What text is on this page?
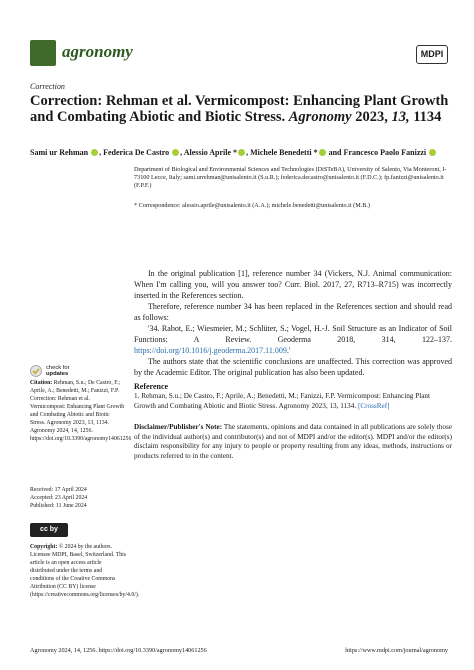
agronomy	MDPI
Correction
Correction: Rehman et al. Vermicompost: Enhancing Plant Growth and Combating Abiotic and Biotic Stress. Agronomy 2023, 13, 1134
Sami ur Rehman , Federica De Castro , Alessio Aprile * , Michele Benedetti * and Francesco Paolo Fanizzi
Department of Biological and Environmental Sciences and Technologies (DiSTeBA), University of Salento, Via Monteroni, I-73100 Lecce, Italy; sami.urrehman@unisalento.it (S.u.R.); federica.decastro@unisalento.it (F.D.C.); fp.fanizzi@unisalento.it (F.P.F.)
* Correspondence: alessio.aprile@unisalento.it (A.A.); michele.benedetti@unisalento.it (M.B.)

In the original publication [1], reference number 34 (Vickers, N.J. Animal communication: When I'm calling you, will you answer too? Curr. Biol. 2017, 27, R713–R715) was incorrectly inserted in the References section.

Therefore, reference number 34 has been replaced in the References section and should read as follows:

'34. Rabot, E.; Wiesmeier, M.; Schlüter, S.; Vogel, H.-J. Soil Structure as an Indicator of Soil Functions: A Review. Geoderma 2018, 314, 122–137. https://doi.org/10.1016/j.geoderma.2017.11.009.'

The authors state that the scientific conclusions are unaffected. This correction was approved by the Academic Editor. The original publication has also been updated.

Reference
1. Rehman, S.u.; De Castro, F.; Aprile, A.; Benedetti, M.; Fanizzi, F.P. Vermicompost: Enhancing Plant Growth and Combating Abiotic and Biotic Stress. Agronomy 2023, 13, 1134. [CrossRef]
Disclaimer/Publisher's Note: The statements, opinions and data contained in all publications are solely those of the individual author(s) and contributor(s) and not of MDPI and/or the editor(s). MDPI and/or the editor(s) disclaim responsibility for any injury to people or property resulting from any ideas, methods, instructions or products referred to in the content.
check for
updates
Citation: Rehman, S.u.; De Castro, F.; Aprile, A.; Benedetti, M.; Fanizzi, F.P. Correction: Rehman et al. Vermicompost: Enhancing Plant Growth and Combating Abiotic and Biotic Stress. Agronomy 2023, 13, 1134. Agronomy 2024, 14, 1256. https://doi.org/10.3390/agronomy14061256
Received: 17 April 2024
Accepted: 23 April 2024
Published: 11 June 2024
cc by
Copyright: © 2024 by the authors. Licensee MDPI, Basel, Switzerland. This article is an open access article distributed under the terms and conditions of the Creative Commons Attribution (CC BY) license (https://creativecommons.org/licenses/by/4.0/).
Agronomy 2024, 14, 1256. https://doi.org/10.3390/agronomy14061256	https://www.mdpi.com/journal/agronomy
